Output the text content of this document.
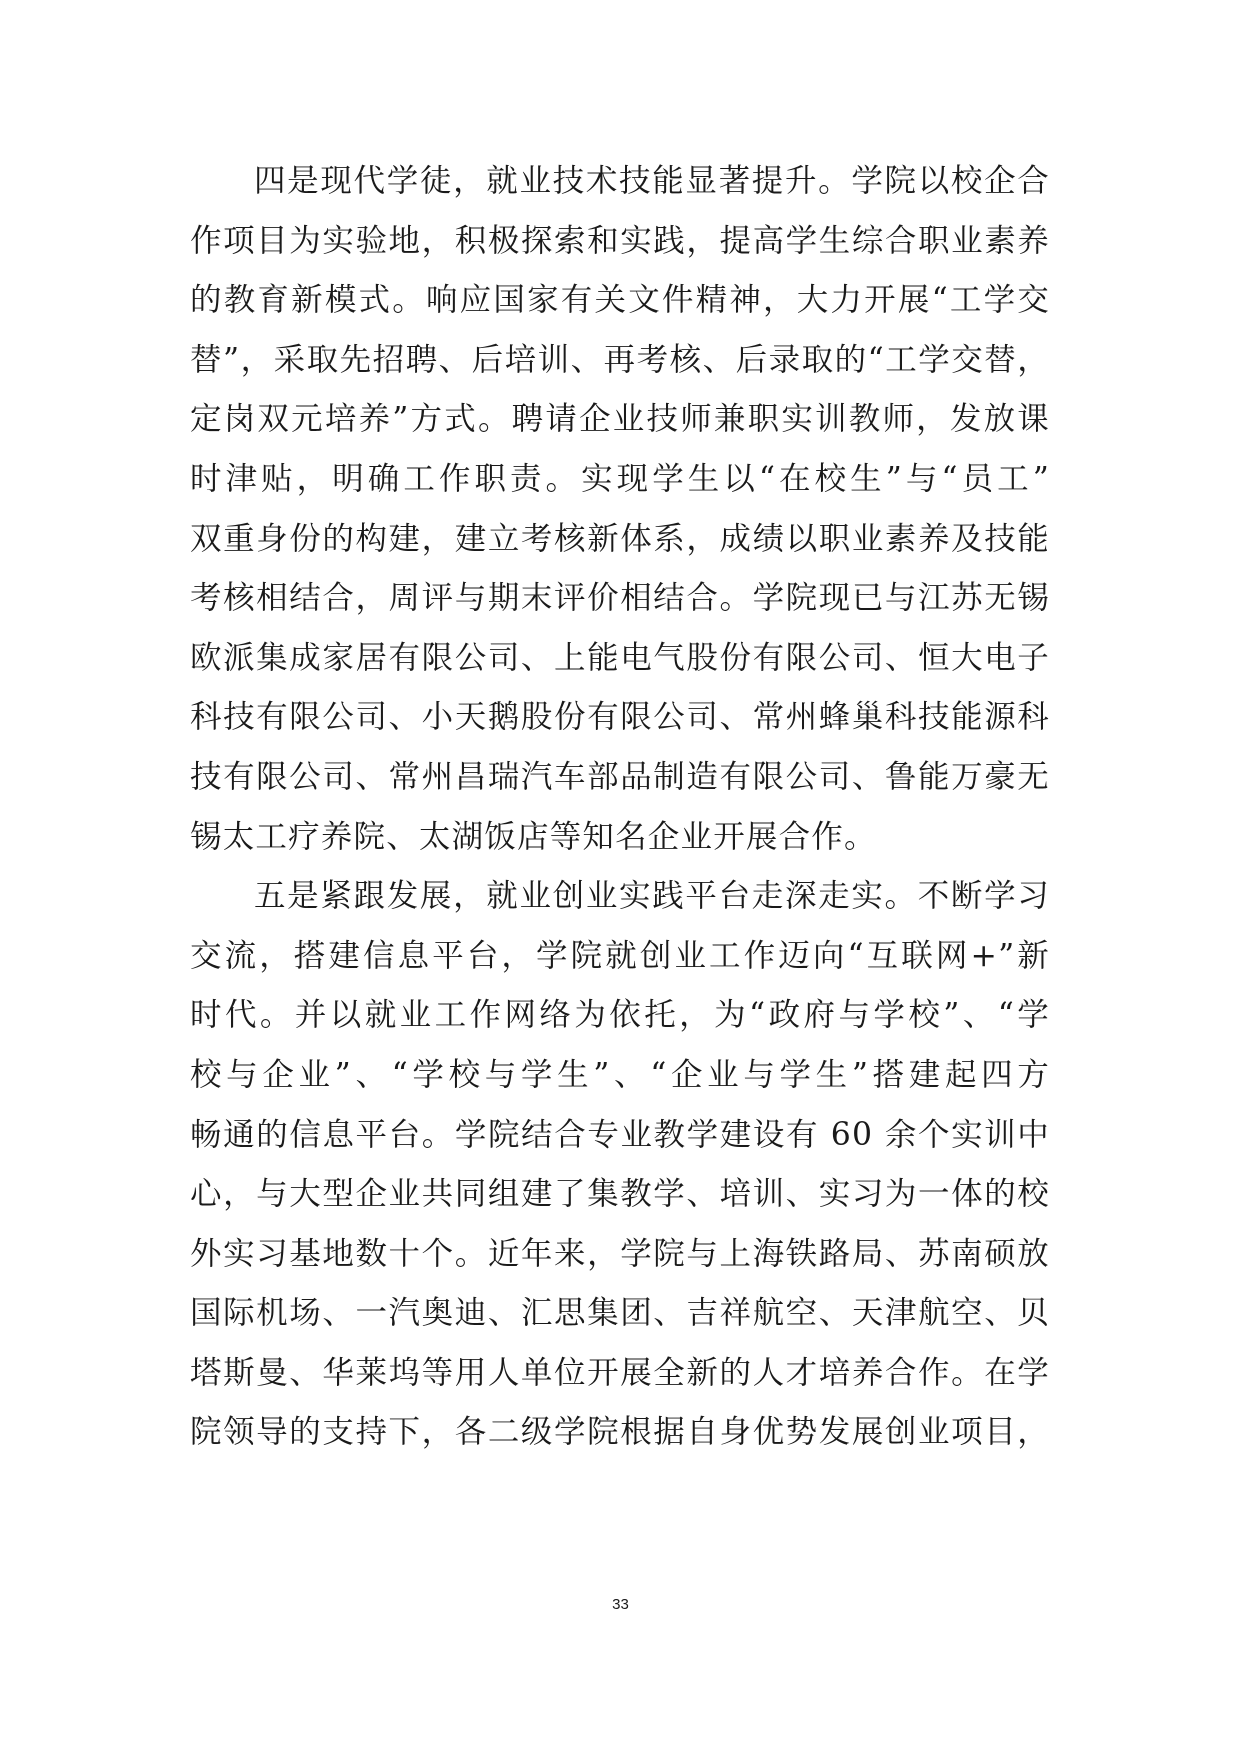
四是现代学徒，就业技术技能显著提升。学院以校企合
作项目为实验地，积极探索和实践，提高学生综合职业素养
的教育新模式。响应国家有关文件精神，大力开展“工学交
替”，采取先招聘、后培训、再考核、后录取的“工学交替，
定岗双元培养”方式。聘请企业技师兼职实训教师，发放课
时津贴，明确工作职责。实现学生以“在校生”与“员工”
双重身份的构建，建立考核新体系，成绩以职业素养及技能
考核相结合，周评与期末评价相结合。学院现已与江苏无锡
欧派集成家居有限公司、上能电气股份有限公司、恒大电子
科技有限公司、小天鹅股份有限公司、常州蜂巢科技能源科
技有限公司、常州昌瑞汽车部品制造有限公司、鲁能万豪无
锡太工疗养院、太湖饭店等知名企业开展合作。

五是紧跟发展，就业创业实践平台走深走实。不断学习
交流，搭建信息平台，学院就创业工作迈向“互联网+”新
时代。并以就业工作网络为依托，为“政府与学校”、“学
校与企业”、“学校与学生”、“企业与学生”搭建起四方
畅通的信息平台。学院结合专业教学建设有 60 余个实训中
心，与大型企业共同组建了集教学、培训、实习为一体的校
外实习基地数十个。近年来，学院与上海铁路局、苏南硕放
国际机场、一汽奥迪、汇思集团、吉祥航空、天津航空、贝
塔斯曼、华莱坞等用人单位开展全新的人才培养合作。在学
院领导的支持下，各二级学院根据自身优势发展创业项目，

33
